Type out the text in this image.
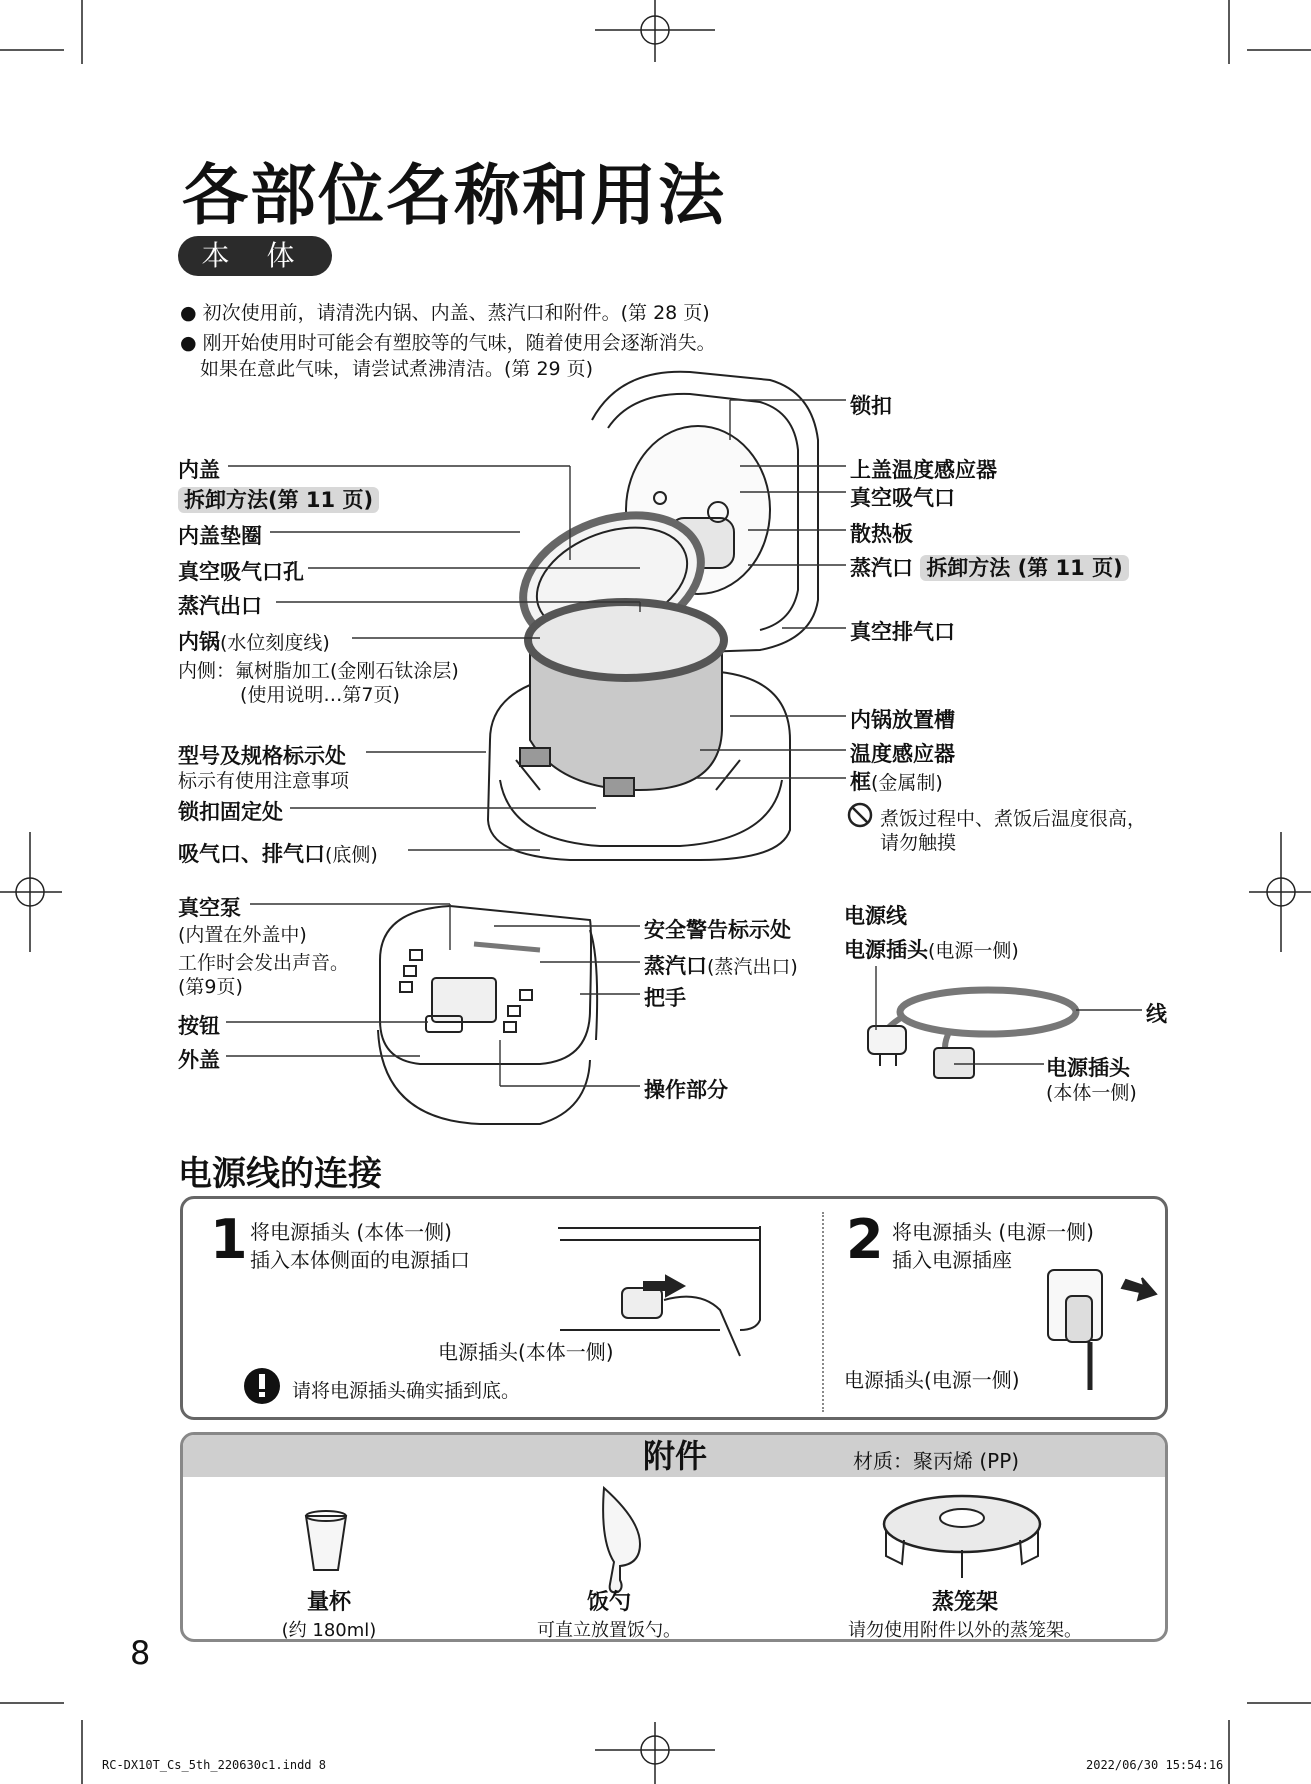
各部位名称和用法
本 体
● 初次使用前，请清洗内锅、内盖、蒸汽口和附件。(第 28 页)
● 刚开始使用时可能会有塑胶等的气味，随着使用会逐渐消失。
如果在意此气味，请尝试煮沸清洁。(第 29 页)
内盖
拆卸方法(第 11 页)
内盖垫圈
真空吸气口孔
蒸汽出口
内锅(水位刻度线)
内侧：氟树脂加工(金刚石钛涂层)
(使用说明…第7页)
型号及规格标示处
标示有使用注意事项
锁扣固定处
吸气口、排气口(底侧)
锁扣
上盖温度感应器
真空吸气口
散热板
蒸汽口 拆卸方法 (第 11 页)
真空排气口
内锅放置槽
温度感应器
框(金属制)
煮饭过程中、煮饭后温度很高，
请勿触摸
真空泵
(内置在外盖中)
工作时会发出声音。
(第9页)
按钮
外盖
安全警告标示处
蒸汽口(蒸汽出口)
把手
操作部分
电源线
电源插头(电源一侧)
线
电源插头
(本体一侧)
电源线的连接
1 将电源插头 (本体一侧)
插入本体侧面的电源插口
电源插头(本体一侧)
请将电源插头确实插到底。
2 将电源插头 (电源一侧)
插入电源插座
电源插头(电源一侧)
附件	材质：聚丙烯 (PP)
量杯
(约 180ml)
饭勺
可直立放置饭勺。
蒸笼架
请勿使用附件以外的蒸笼架。
8
RC-DX10T_Cs_5th_220630c1.indd 8	2022/06/30 15:54:16
